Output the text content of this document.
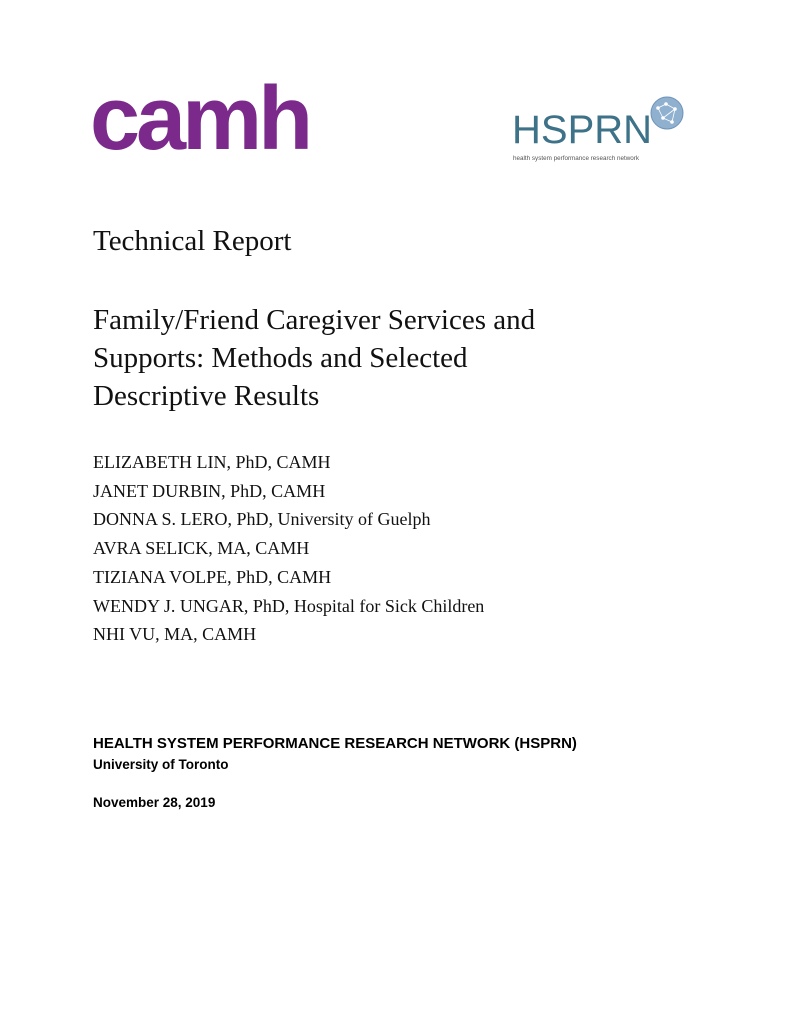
camh	HSPRN
health system performance research network
Technical Report
Family/Friend Caregiver Services and
Supports: Methods and Selected
Descriptive Results
ELIZABETH LIN, PhD, CAMH
JANET DURBIN, PhD, CAMH
DONNA S. LERO, PhD, University of Guelph
AVRA SELICK, MA, CAMH
TIZIANA VOLPE, PhD, CAMH
WENDY J. UNGAR, PhD, Hospital for Sick Children
NHI VU, MA, CAMH

HEALTH SYSTEM PERFORMANCE RESEARCH NETWORK (HSPRN)

University of Toronto

November 28, 2019
